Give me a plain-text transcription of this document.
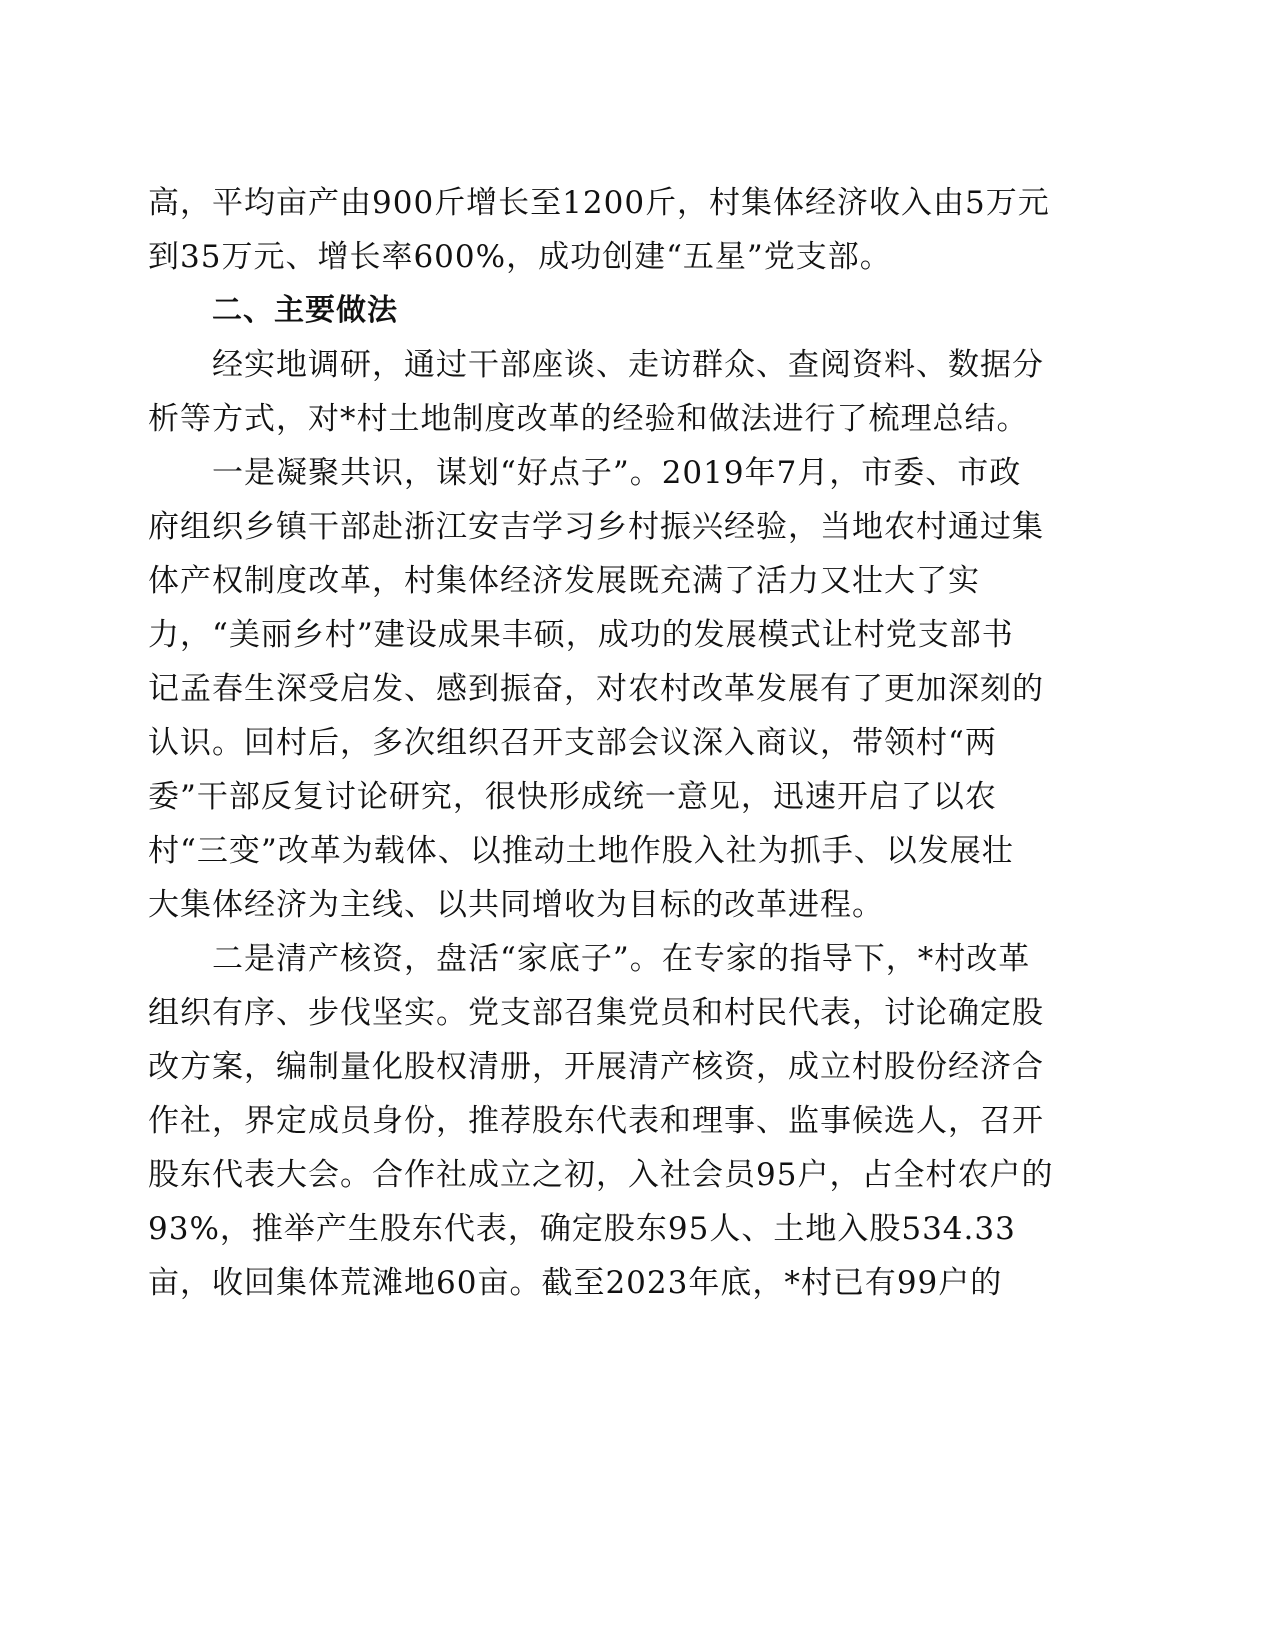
高，平均亩产由900斤增长至1200斤，村集体经济收入由5万元
到35万元、增长率600%，成功创建“五星”党支部。
二、主要做法
经实地调研，通过干部座谈、走访群众、查阅资料、数据分
析等方式，对*村土地制度改革的经验和做法进行了梳理总结。
一是凝聚共识，谋划“好点子”。2019年7月，市委、市政
府组织乡镇干部赴浙江安吉学习乡村振兴经验，当地农村通过集
体产权制度改革，村集体经济发展既充满了活力又壮大了实
力，“美丽乡村”建设成果丰硕，成功的发展模式让村党支部书
记孟春生深受启发、感到振奋，对农村改革发展有了更加深刻的
认识。回村后，多次组织召开支部会议深入商议，带领村“两
委”干部反复讨论研究，很快形成统一意见，迅速开启了以农
村“三变”改革为载体、以推动土地作股入社为抓手、以发展壮
大集体经济为主线、以共同增收为目标的改革进程。
二是清产核资，盘活“家底子”。在专家的指导下，*村改革
组织有序、步伐坚实。党支部召集党员和村民代表，讨论确定股
改方案，编制量化股权清册，开展清产核资，成立村股份经济合
作社，界定成员身份，推荐股东代表和理事、监事候选人，召开
股东代表大会。合作社成立之初，入社会员95户，占全村农户的
93%，推举产生股东代表，确定股东95人、土地入股534.33
亩，收回集体荒滩地60亩。截至2023年底，*村已有99户的
